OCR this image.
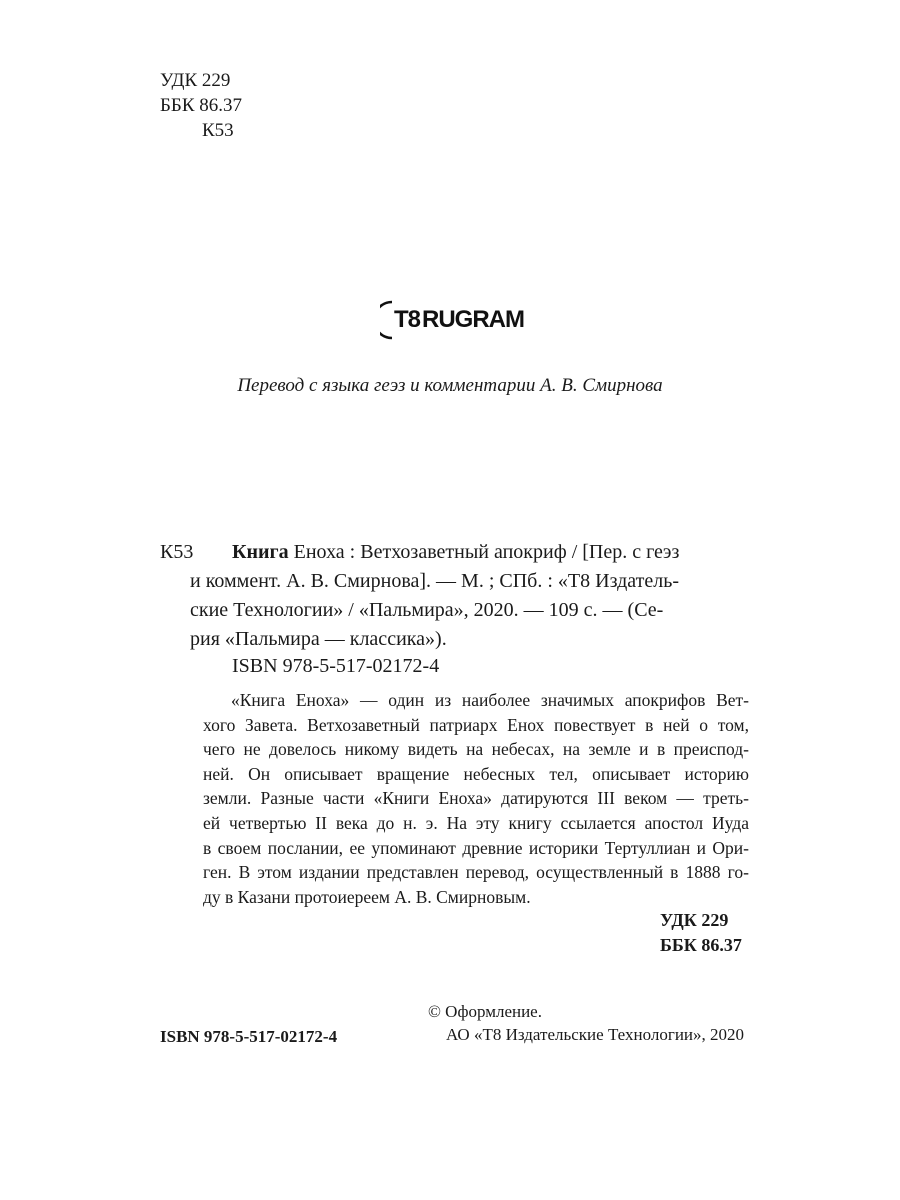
УДК 229
ББК 86.37
К53
T8 RUGRAM
Перевод с языка геэз и комментарии А. В. Смирнова
К53 Книга Еноха : Ветхозаветный апокриф / [Пер. с геэз
и коммент. А. В. Смирнова]. — М. ; СПб. : «Т8 Издатель-
ские Технологии» / «Пальмира», 2020. — 109 с. — (Се-
рия «Пальмира — классика»).
ISBN 978-5-517-02172-4
«Книга Еноха» — один из наиболее значимых апокрифов Вет-
хого Завета. Ветхозаветный патриарх Енох повествует в ней о том,
чего не довелось никому видеть на небесах, на земле и в преиспод-
ней. Он описывает вращение небесных тел, описывает историю
земли. Разные части «Книги Еноха» датируются III веком — треть-
ей четвертью II века до н. э. На эту книгу ссылается апостол Иуда
в своем послании, ее упоминают древние историки Тертуллиан и Ори-
ген. В этом издании представлен перевод, осуществленный в 1888 го-
ду в Казани протоиереем А. В. Смирновым.
УДК 229
ББК 86.37
© Оформление.
АО «Т8 Издательские Технологии», 2020
ISBN 978-5-517-02172-4
